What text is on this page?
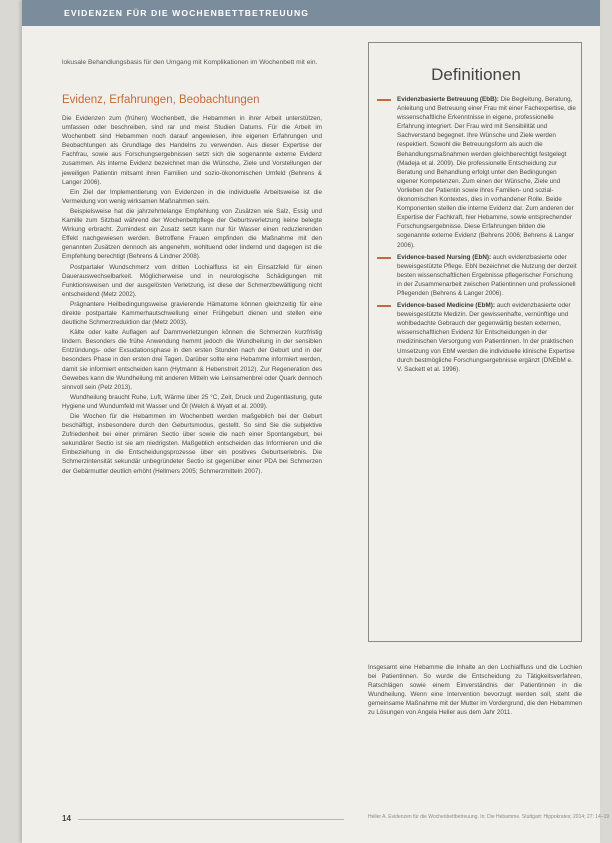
EVIDENZEN FÜR DIE WOCHENBETTBETREUUNG
lokusale Behandlungsbasis für den Umgang mit Komplikationen im Wochenbett mit ein.
Evidenz, Erfahrungen, Beobachtungen

Die Evidenzen zum (frühen) Wochenbett, die Hebammen in ihrer Arbeit unterstützen, umfassen oder beschreiben, sind rar und meist Studien Datums. Für die Arbeit im Wochenbett sind Hebammen noch darauf angewiesen, ihre eigenen Erfahrungen und Beobachtungen als Grundlage des Handelns zu verwenden. Aus dieser Expertise der Fachfrau, sowie aus Forschungsergebnissen setzt sich die sogenannte externe Evidenz zusammen. Als interne Evidenz bezeichnet man die Wünsche, Ziele und Vorstellungen der jeweiligen Patientin mitsamt ihren Familien und sozio-ökonomischen Umfeld (Behrens & Langer 2006).

Ein Ziel der Implementierung von Evidenzen in die individuelle Arbeitsweise ist die Vermeidung von wenig wirksamen Maßnahmen sein.

Beispielsweise hat die jahrzehntelange Empfehlung von Zusätzen wie Salz, Essig und Kamille zum Sitzbad während der Wochenbettpflege der Geburtsverletzung keine belegte Wirkung erbracht. Zumindest ein Zusatz setzt kann nur für Wasser einen reduzierenden Effekt nachgewiesen werden. Betroffene Frauen empfinden die Maßnahme mit den genannten Zusätzen dennoch als angenehm, wohltuend oder lindernd und dagegen ist die Empfehlung berechtigt (Behrens & Lindner 2008).

Postpartaler Wundschmerz vom dritten Lochialfluss ist ein Einsatzfeld für einen Dauerauswechselbarkeit. Möglicherweise und in neurologische Schädigungen mit Funktionsweisen und der ausgelösten Verletzung, ist diese der Schmerzbewältigung nicht entscheidend (Metz 2002).

Prägnantere Heilbedingungsweise gravierende Hämatome können gleichzeitig für eine direkte postpartale Kammerhautschwellung einer Frühgeburt dienen und stellen eine deutliche Schmerzreduktion dar (Metz 2003).

Kälte oder kalte Auflagen auf Dammverletzungen können die Schmerzen kurzfristig lindern. Besonders die frühe Anwendung hemmt jedoch die Wundheilung in der sensiblen Entzündungs- oder Exsudationsphase in den ersten Stunden nach der Geburt und in der besonders Phase in den ersten drei Tagen. Darüber sollte eine Hebamme informiert werden, damit sie informiert entscheiden kann (Hytmann & Hebenstreit 2012). Zur Regeneration des Gewebes kann die Wundheilung mit anderen Mitteln wie Leinsamenbrei oder Quark dennoch sinnvoll sein (Pelz 2013).

Wundheilung braucht Ruhe, Luft, Wärme über 25 °C, Zeit, Druck und Zugentlastung, gute Hygiene und Wundumfeld mit Wasser und Öl (Welch & Wyatt et al. 2009).

Die Wochen für die Hebammen im Wochenbett werden maßgeblich bei der Geburt beschäftigt, insbesondere durch den Geburtsmodus, gestellt. So sind Sie die subjektive Zufriedenheit bei einer primären Sectio über sowie die nach einer Spontangeburt, bei sekundärer Sectio ist sie am niedrigsten. Maßgeblich entscheiden das Informieren und die Einbeziehung in die Entscheidungsprozesse über ein positives Geburtserlebnis. Die Schmerzintensität sekundär unbegründeter Sectio ist gegenüber einer PDA bei Schmerzen der Gebärmutter deutlich erhöht (Hellmers 2005; Schmerzmitteln 2007).

Definitionen
Evidenzbasierte Betreuung (EbB): Die Begleitung, Beratung, Anleitung und Betreuung einer Frau mit einer Fachexpertise, die wissenschaftliche Erkenntnisse in eigene, professionelle Erfahrung integriert. Der Frau wird mit Sensibilität und Sachverstand begegnet. Ihre Wünsche und Ziele werden respektiert. Sowohl die Betreuungsform als auch die Behandlungsmaßnahmen werden gleichberechtigt festgelegt (Madeja et al. 2009). Die professionelle Entscheidung zur Beratung und Behandlung erfolgt unter den Bedingungen eigener Kompetenzen. Zum einen der Wünsche, Ziele und Vorlieben der Patientin sowie ihres Familien- und sozial-ökonomischen Kontextes, dies in vorhandener Rolle. Beide Komponenten stellen die interne Evidenz dar. Zum anderen der Expertise der Fachkraft, hier Hebamme, sowie entsprechender Forschungsergebnisse. Diese Erfahrungen bilden die sogenannte externe Evidenz (Behrens 2006; Behrens & Langer 2006).
Evidence-based Nursing (EbN): auch evidenzbasierte oder beweisgestützte Pflege. EbN bezeichnet die Nutzung der derzeit besten wissenschaftlichen Ergebnisse pflegerischer Forschung in der Zusammenarbeit zwischen Patientinnen und professionell Pflegenden (Behrens & Langer 2006).
Evidence-based Medicine (EbM): auch evidenzbasierte oder beweisgestützte Medizin. Der gewissenhafte, vernünftige und wohlbedachte Gebrauch der gegenwärtig besten externen, wissenschaftlichen Evidenz für Entscheidungen in der medizinischen Versorgung von Patientinnen. In der praktischen Umsetzung von EbM werden die individuelle klinische Expertise durch bestmögliche Forschungsergebnisse ergänzt (DNEbM e. V. Sackett et al. 1996).
Insgesamt eine Hebamme die Inhalte an den Lochialfluss und die Lochien bei Patientinnen. So wurde die Entscheidung zu Tätigkeitsverfahren, Ratschlägen sowie einem Einverständnis der Patientinnen in die Wundheilung. Wenn eine Intervention bevorzugt werden soll, steht die gemeinsame Maßnahme mit der Mutter im Vordergrund, die den Hebammen zu Lösungen von Angela Heller aus dem Jahr 2011.
14	Heller A. Evidenzen für die Wochenbettbetreuung. In: Die Hebamme. Stuttgart: Hippokrates; 2014; 27: 14–19
